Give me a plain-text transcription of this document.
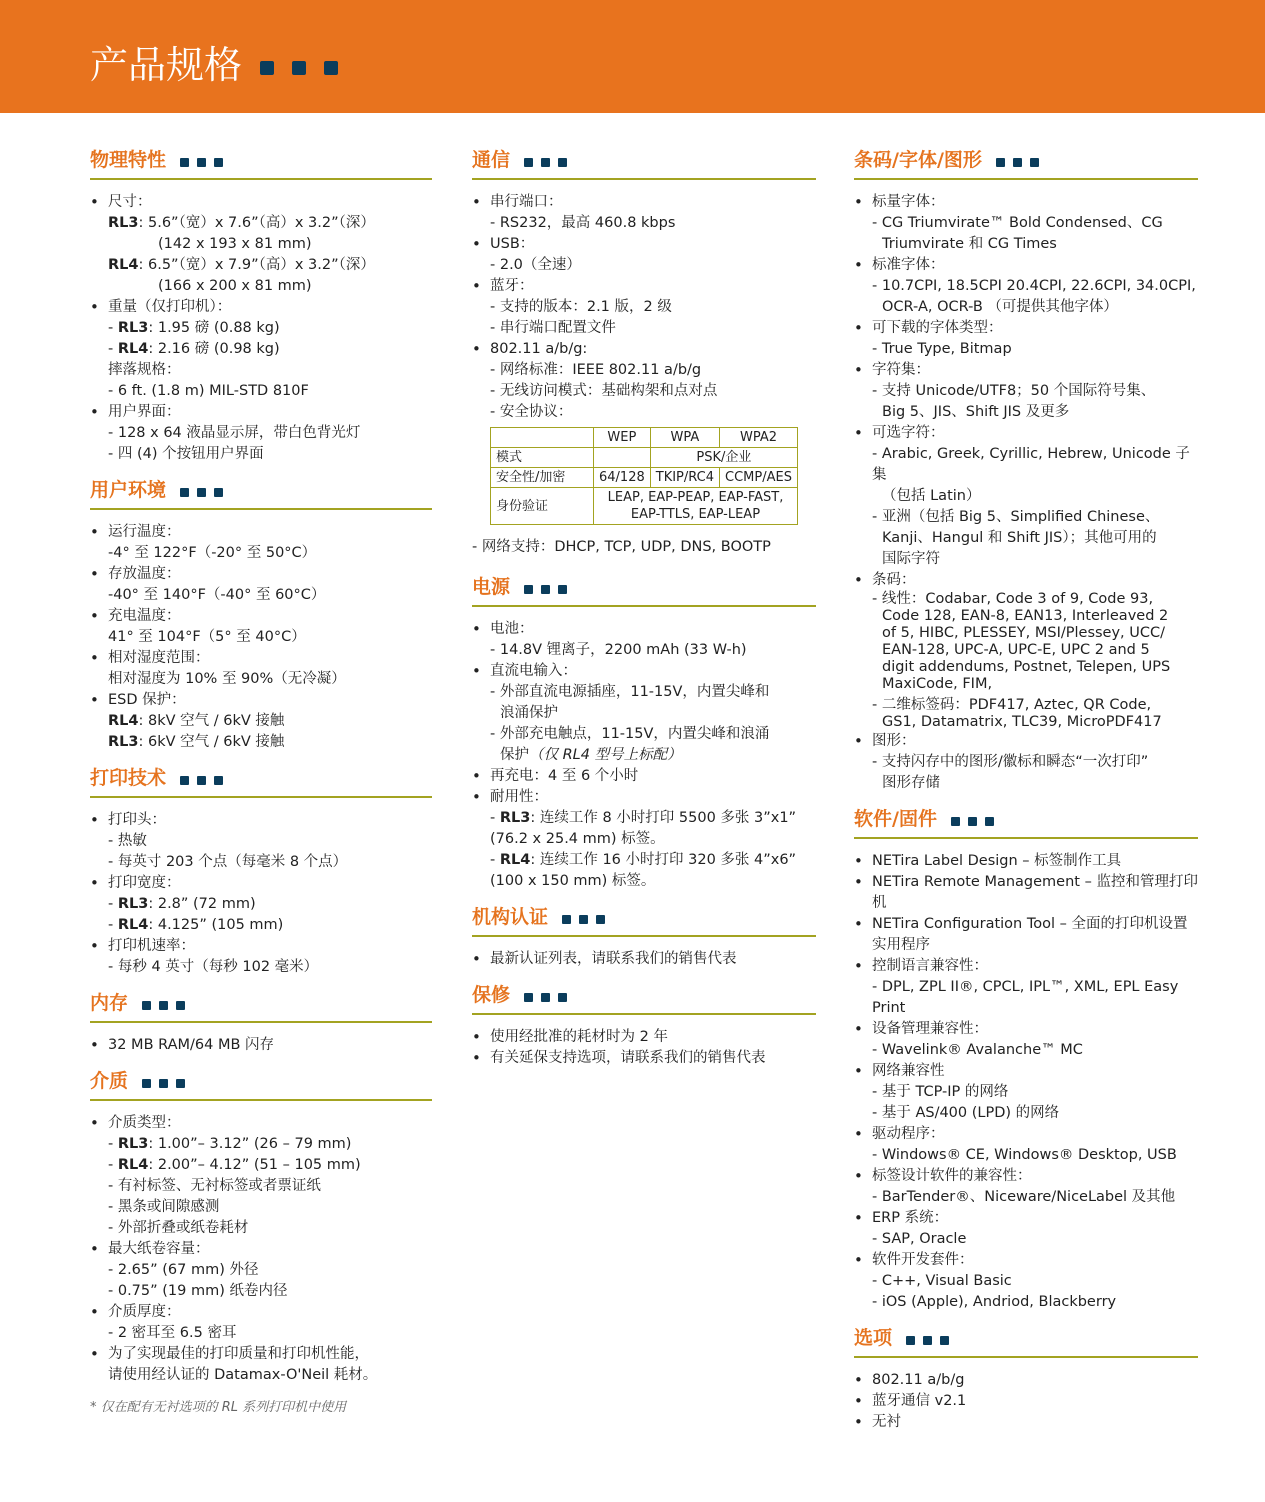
产品规格
物理特性
• 尺寸：
RL3: 5.6”（宽）x 7.6”（高）x 3.2”（深）
(142 x 193 x 81 mm)
RL4: 6.5”（宽）x 7.9”（高）x 3.2”（深）
(166 x 200 x 81 mm)
• 重量（仅打印机）：
- RL3: 1.95 磅 (0.88 kg)
- RL4: 2.16 磅 (0.98 kg)
摔落规格：
- 6 ft. (1.8 m) MIL-STD 810F
• 用户界面：
- 128 x 64 液晶显示屏，带白色背光灯
- 四 (4) 个按钮用户界面
用户环境
• 运行温度：
-4° 至 122°F（-20° 至 50°C）
• 存放温度：
-40° 至 140°F（-40° 至 60°C）
• 充电温度：
41° 至 104°F（5° 至 40°C）
• 相对湿度范围：
相对湿度为 10% 至 90%（无冷凝）
• ESD 保护：
RL4: 8kV 空气 / 6kV 接触
RL3: 6kV 空气 / 6kV 接触
打印技术
• 打印头：
- 热敏
- 每英寸 203 个点（每毫米 8 个点）
• 打印宽度：
- RL3: 2.8” (72 mm)
- RL4: 4.125” (105 mm)
• 打印机速率：
- 每秒 4 英寸（每秒 102 毫米）
内存
• 32 MB RAM/64 MB 闪存
介质
• 介质类型：
- RL3: 1.00”– 3.12” (26 – 79 mm)
- RL4: 2.00”– 4.12” (51 – 105 mm)
- 有衬标签、无衬标签或者票证纸
- 黑条或间隙感测
- 外部折叠或纸卷耗材
• 最大纸卷容量：
- 2.65” (67 mm) 外径
- 0.75” (19 mm) 纸卷内径
• 介质厚度：
- 2 密耳至 6.5 密耳
• 为了实现最佳的打印质量和打印机性能，
请使用经认证的 Datamax-O'Neil 耗材。
* 仅在配有无衬选项的 RL 系列打印机中使用
通信
• 串行端口：
- RS232，最高 460.8 kbps
• USB：
- 2.0（全速）
• 蓝牙：
- 支持的版本：2.1 版，2 级
- 串行端口配置文件
• 802.11 a/b/g:
- 网络标准：IEEE 802.11 a/b/g
- 无线访问模式：基础构架和点对点
- 安全协议：
	WEP	WPA	WPA2
模式		PSK/企业	
安全性/加密	64/128	TKIP/RC4	CCMP/AES
身份验证	LEAP, EAP-PEAP, EAP-FAST,
EAP-TTLS, EAP-LEAP		
- 网络支持：DHCP, TCP, UDP, DNS, BOOTP
电源
• 电池：
- 14.8V 锂离子，2200 mAh (33 W-h)
• 直流电输入：
- 外部直流电源插座，11-15V，内置尖峰和
浪涌保护
- 外部充电触点，11-15V，内置尖峰和浪涌
保护（仅 RL4 型号上标配）
• 再充电：4 至 6 个小时
• 耐用性：
- RL3: 连续工作 8 小时打印 5500 多张 3”x1”
(76.2 x 25.4 mm) 标签。
- RL4: 连续工作 16 小时打印 320 多张 4”x6”
(100 x 150 mm) 标签。
机构认证
• 最新认证列表，请联系我们的销售代表
保修
• 使用经批准的耗材时为 2 年
• 有关延保支持选项，请联系我们的销售代表
条码/字体/图形
• 标量字体：
- CG Triumvirate™ Bold Condensed、CG
Triumvirate 和 CG Times
• 标准字体：
- 10.7CPI, 18.5CPI 20.4CPI, 22.6CPI, 34.0CPI,
OCR-A, OCR-B （可提供其他字体）
• 可下载的字体类型：
- True Type, Bitmap
• 字符集：
- 支持 Unicode/UTF8；50 个国际符号集、
Big 5、JIS、Shift JIS 及更多
• 可选字符：
- Arabic, Greek, Cyrillic, Hebrew, Unicode 子集
（包括 Latin）
- 亚洲（包括 Big 5、Simplified Chinese、
Kanji、Hangul 和 Shift JIS）；其他可用的
国际字符
• 条码：
- 线性：Codabar, Code 3 of 9, Code 93,
Code 128, EAN-8, EAN13, Interleaved 2
of 5, HIBC, PLESSEY, MSI/Plessey, UCC/
EAN-128, UPC-A, UPC-E, UPC 2 and 5
digit addendums, Postnet, Telepen, UPS
MaxiCode, FIM,
- 二维标签码：PDF417, Aztec, QR Code,
GS1, Datamatrix, TLC39, MicroPDF417
• 图形：
- 支持闪存中的图形/徽标和瞬态“一次打印”
图形存储
软件/固件
• NETira Label Design – 标签制作工具
• NETira Remote Management – 监控和管理打印
机
• NETira Configuration Tool – 全面的打印机设置
实用程序
• 控制语言兼容性：
- DPL, ZPL II®, CPCL, IPL™, XML, EPL Easy Print
• 设备管理兼容性：
- Wavelink® Avalanche™ MC
• 网络兼容性
- 基于 TCP-IP 的网络
- 基于 AS/400 (LPD) 的网络
• 驱动程序：
- Windows® CE, Windows® Desktop, USB
• 标签设计软件的兼容性：
- BarTender®、Niceware/NiceLabel 及其他
• ERP 系统：
- SAP, Oracle
• 软件开发套件：
- C++, Visual Basic
- iOS (Apple), Andriod, Blackberry
选项
• 802.11 a/b/g
• 蓝牙通信 v2.1
• 无衬
